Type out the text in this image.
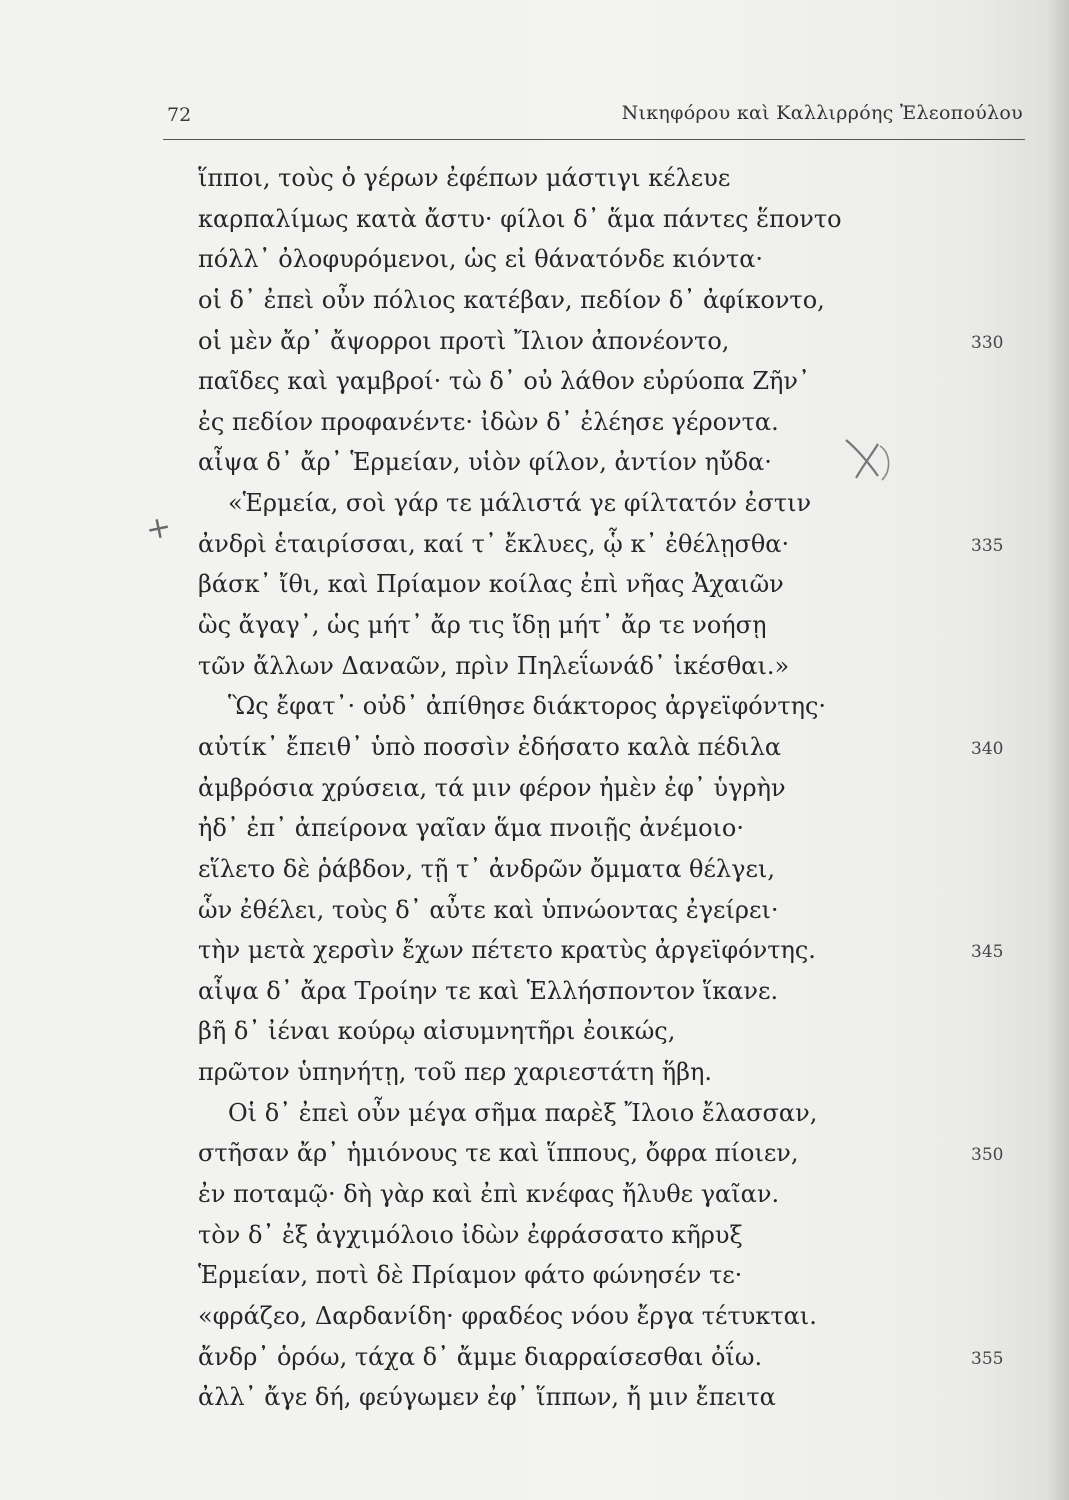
72	Νικηφόρου καὶ Καλλιρρόης Ἐλεοπούλου
+
ἵπποι, τοὺς ὁ γέρων ἐφέπων μάστιγι κέλευε
καρπαλίμως κατὰ ἄστυ· φίλοι δ᾽ ἅμα πάντες ἕποντο
πόλλ᾽ ὀλοφυρόμενοι, ὡς εἰ θάνατόνδε κιόντα·
οἱ δ᾽ ἐπεὶ οὖν πόλιος κατέβαν, πεδίον δ᾽ ἀφίκοντο,
οἱ μὲν ἄρ᾽ ἄψορροι προτὶ Ἴλιον ἀπονέοντο,	330
παῖδες καὶ γαμβροί· τὼ δ᾽ οὐ λάθον εὐρύοπα Ζῆν᾽
ἐς πεδίον προφανέντε· ἰδὼν δ᾽ ἐλέησε γέροντα.
αἶψα δ᾽ ἄρ᾽ Ἑρμείαν, υἱὸν φίλον, ἀντίον ηὔδα·
«Ἑρμεία, σοὶ γάρ τε μάλιστά γε φίλτατόν ἐστιν
ἀνδρὶ ἑταιρίσσαι, καί τ᾽ ἔκλυες, ᾧ κ᾽ ἐθέλῃσθα·	335
βάσκ᾽ ἴθι, καὶ Πρίαμον κοίλας ἐπὶ νῆας Ἀχαιῶν
ὣς ἄγαγ᾽, ὡς μήτ᾽ ἄρ τις ἴδῃ μήτ᾽ ἄρ τε νοήσῃ
τῶν ἄλλων Δαναῶν, πρὶν Πηλεΐωνάδ᾽ ἱκέσθαι.»
Ὣς ἔφατ᾽· οὐδ᾽ ἀπίθησε διάκτορος ἀργεϊφόντης·
αὐτίκ᾽ ἔπειθ᾽ ὑπὸ ποσσὶν ἐδήσατο καλὰ πέδιλα	340
ἀμβρόσια χρύσεια, τά μιν φέρον ἠμὲν ἐφ᾽ ὑγρὴν
ἠδ᾽ ἐπ᾽ ἀπείρονα γαῖαν ἅμα πνοιῇς ἀνέμοιο·
εἵλετο δὲ ῥάβδον, τῇ τ᾽ ἀνδρῶν ὄμματα θέλγει,
ὧν ἐθέλει, τοὺς δ᾽ αὖτε καὶ ὑπνώοντας ἐγείρει·
τὴν μετὰ χερσὶν ἔχων πέτετο κρατὺς ἀργεϊφόντης.	345
αἶψα δ᾽ ἄρα Τροίην τε καὶ Ἑλλήσποντον ἵκανε.
βῆ δ᾽ ἰέναι κούρῳ αἰσυμνητῆρι ἐοικώς,
πρῶτον ὑπηνήτῃ, τοῦ περ χαριεστάτη ἥβη.
Οἱ δ᾽ ἐπεὶ οὖν μέγα σῆμα παρὲξ Ἴλοιο ἔλασσαν,
στῆσαν ἄρ᾽ ἡμιόνους τε καὶ ἵππους, ὄφρα πίοιεν,	350
ἐν ποταμῷ· δὴ γὰρ καὶ ἐπὶ κνέφας ἤλυθε γαῖαν.
τὸν δ᾽ ἐξ ἀγχιμόλοιο ἰδὼν ἐφράσσατο κῆρυξ
Ἑρμείαν, ποτὶ δὲ Πρίαμον φάτο φώνησέν τε·
«φράζεο, Δαρδανίδη· φραδέος νόου ἔργα τέτυκται.
ἄνδρ᾽ ὁρόω, τάχα δ᾽ ἄμμε διαρραίσεσθαι ὀΐω.	355
ἀλλ᾽ ἄγε δή, φεύγωμεν ἐφ᾽ ἵππων, ἤ μιν ἔπειτα
